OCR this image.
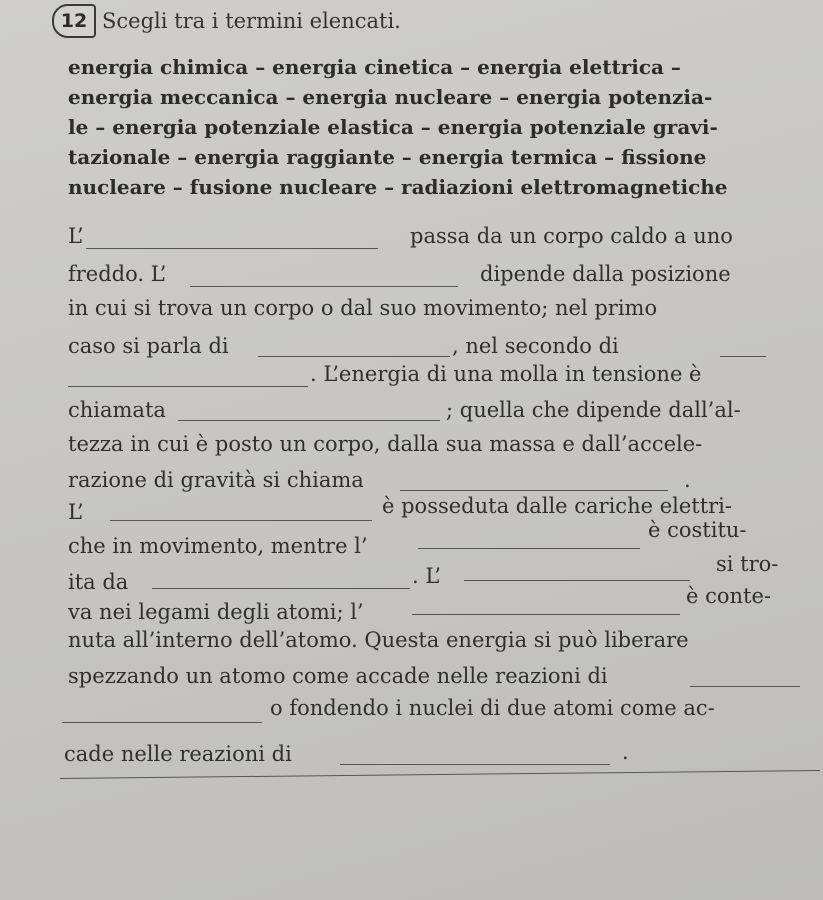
12 Scegli tra i termini elencati.
energia chimica – energia cinetica – energia elettrica –
energia meccanica – energia nucleare – energia potenzia-
le – energia potenziale elastica – energia potenziale gravi-
tazionale – energia raggiante – energia termica – fissione
nucleare – fusione nucleare – radiazioni elettromagnetiche
L’	passa da un corpo caldo a uno
freddo. L’	dipende dalla posizione
in cui si trova un corpo o dal suo movimento; nel primo
caso si parla di	, nel secondo di
. L’energia di una molla in tensione è
chiamata	; quella che dipende dall’al-
tezza in cui è posto un corpo, dalla sua massa e dall’accele-
razione di gravità si chiama	.
L’	è posseduta dalle cariche elettri-
che in movimento, mentre l’
è costitu-
ita da	. L’	si tro-
va nei legami degli atomi; l’
è conte-
nuta all’interno dell’atomo. Questa energia si può liberare
spezzando un atomo come accade nelle reazioni di
o fondendo i nuclei di due atomi come ac-
cade nelle reazioni di	.
